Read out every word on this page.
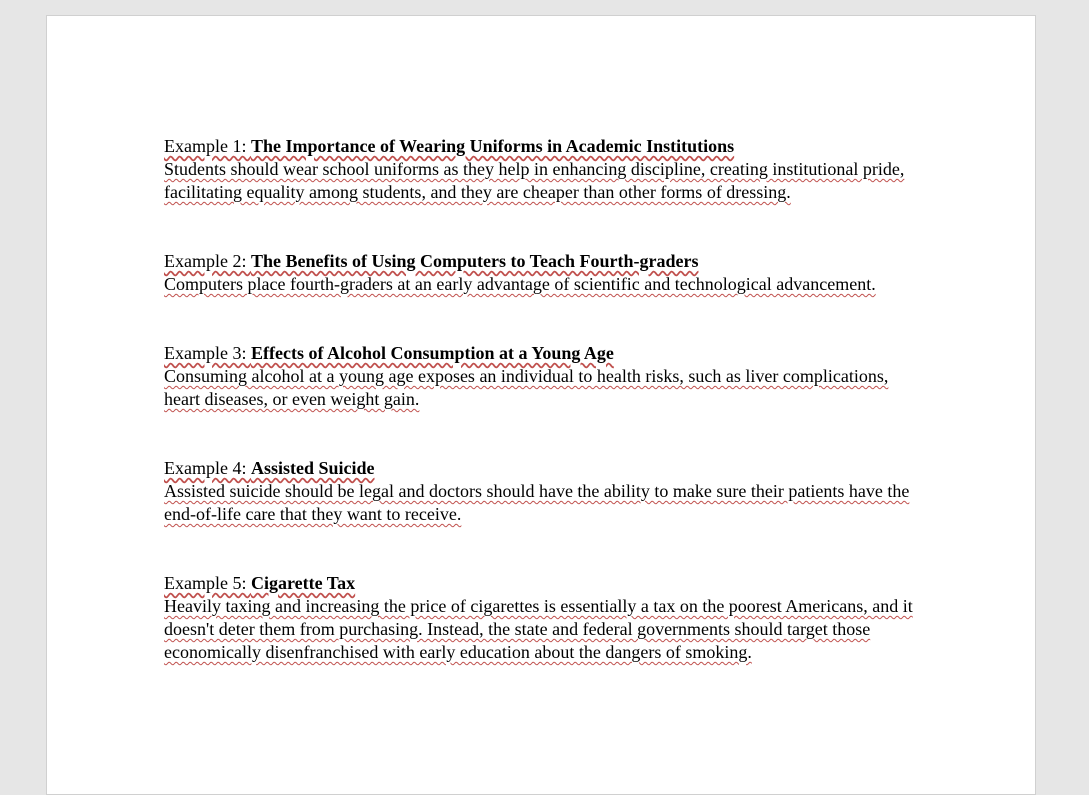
Example 1: The Importance of Wearing Uniforms in Academic Institutions

Students should wear school uniforms as they help in enhancing discipline, creating institutional pride, facilitating equality among students, and they are cheaper than other forms of dressing.

Example 2: The Benefits of Using Computers to Teach Fourth-graders

Computers place fourth-graders at an early advantage of scientific and technological advancement.

Example 3: Effects of Alcohol Consumption at a Young Age

Consuming alcohol at a young age exposes an individual to health risks, such as liver complications, heart diseases, or even weight gain.

Example 4: Assisted Suicide

Assisted suicide should be legal and doctors should have the ability to make sure their patients have the end-of-life care that they want to receive.

Example 5: Cigarette Tax

Heavily taxing and increasing the price of cigarettes is essentially a tax on the poorest Americans, and it doesn't deter them from purchasing. Instead, the state and federal governments should target those economically disenfranchised with early education about the dangers of smoking.
